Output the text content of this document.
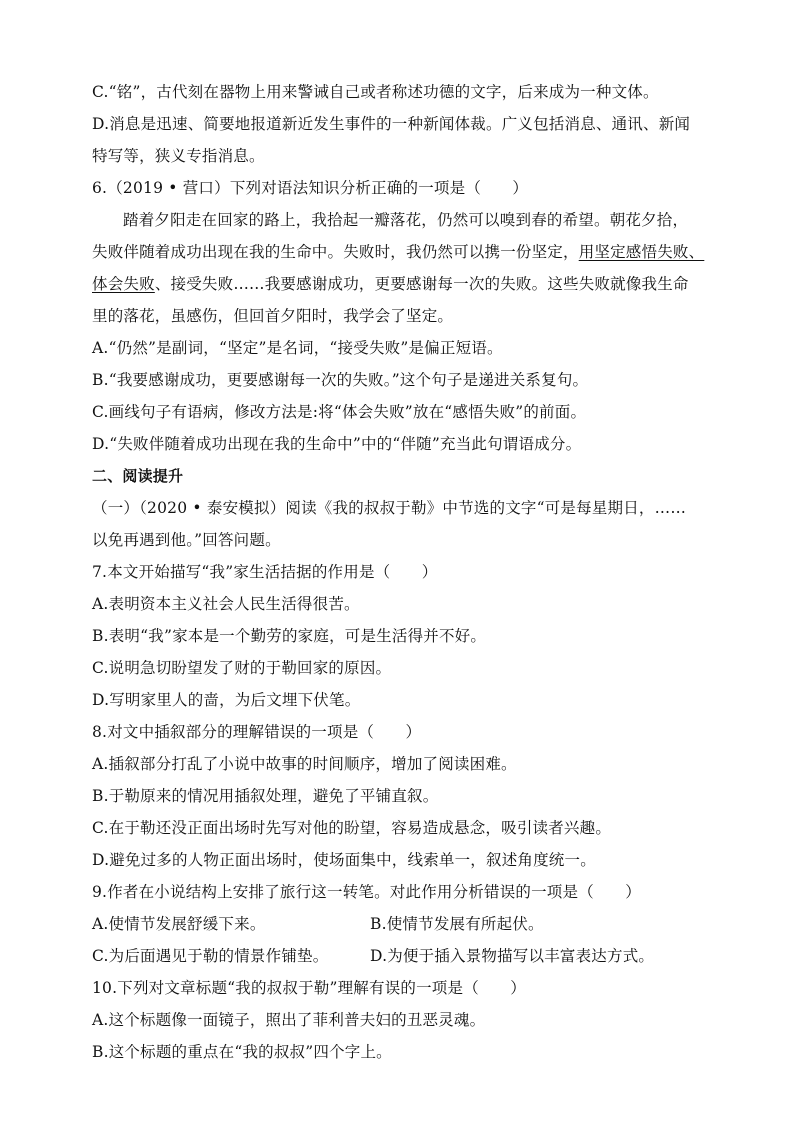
C.“铭”，古代刻在器物上用来警诫自己或者称述功德的文字，后来成为一种文体。
D.消息是迅速、简要地报道新近发生事件的一种新闻体裁。广义包括消息、通讯、新闻
特写等，狭义专指消息。
6.（2019 • 营口）下列对语法知识分析正确的一项是（　　）
踏着夕阳走在回家的路上，我拾起一瓣落花，仍然可以嗅到春的希望。朝花夕拾，
失败伴随着成功出现在我的生命中。失败时，我仍然可以携一份坚定，用坚定感悟失败、
体会失败、接受失败……我要感谢成功，更要感谢每一次的失败。这些失败就像我生命
里的落花，虽感伤，但回首夕阳时，我学会了坚定。
A.“仍然”是副词，“坚定”是名词，“接受失败”是偏正短语。
B.“我要感谢成功，更要感谢每一次的失败。”这个句子是递进关系复句。
C.画线句子有语病，修改方法是:将“体会失败”放在“感悟失败”的前面。
D.“失败伴随着成功出现在我的生命中”中的“伴随”充当此句谓语成分。
二、阅读提升
（一）（2020 • 泰安模拟）阅读《我的叔叔于勒》中节选的文字“可是每星期日，……
以免再遇到他。”回答问题。
7.本文开始描写“我”家生活拮据的作用是（　　）
A.表明资本主义社会人民生活得很苦。
B.表明“我”家本是一个勤劳的家庭，可是生活得并不好。
C.说明急切盼望发了财的于勒回家的原因。
D.写明家里人的啬，为后文埋下伏笔。
8.对文中插叙部分的理解错误的一项是（　　）
A.插叙部分打乱了小说中故事的时间顺序，增加了阅读困难。
B.于勒原来的情况用插叙处理，避免了平铺直叙。
C.在于勒还没正面出场时先写对他的盼望，容易造成悬念，吸引读者兴趣。
D.避免过多的人物正面出场时，使场面集中，线索单一，叙述角度统一。
9.作者在小说结构上安排了旅行这一转笔。对此作用分析错误的一项是（　　）
A.使情节发展舒缓下来。	B.使情节发展有所起伏。
C.为后面遇见于勒的情景作铺垫。	D.为便于插入景物描写以丰富表达方式。
10.下列对文章标题“我的叔叔于勒”理解有误的一项是（　　）
A.这个标题像一面镜子，照出了菲利普夫妇的丑恶灵魂。
B.这个标题的重点在“我的叔叔”四个字上。
